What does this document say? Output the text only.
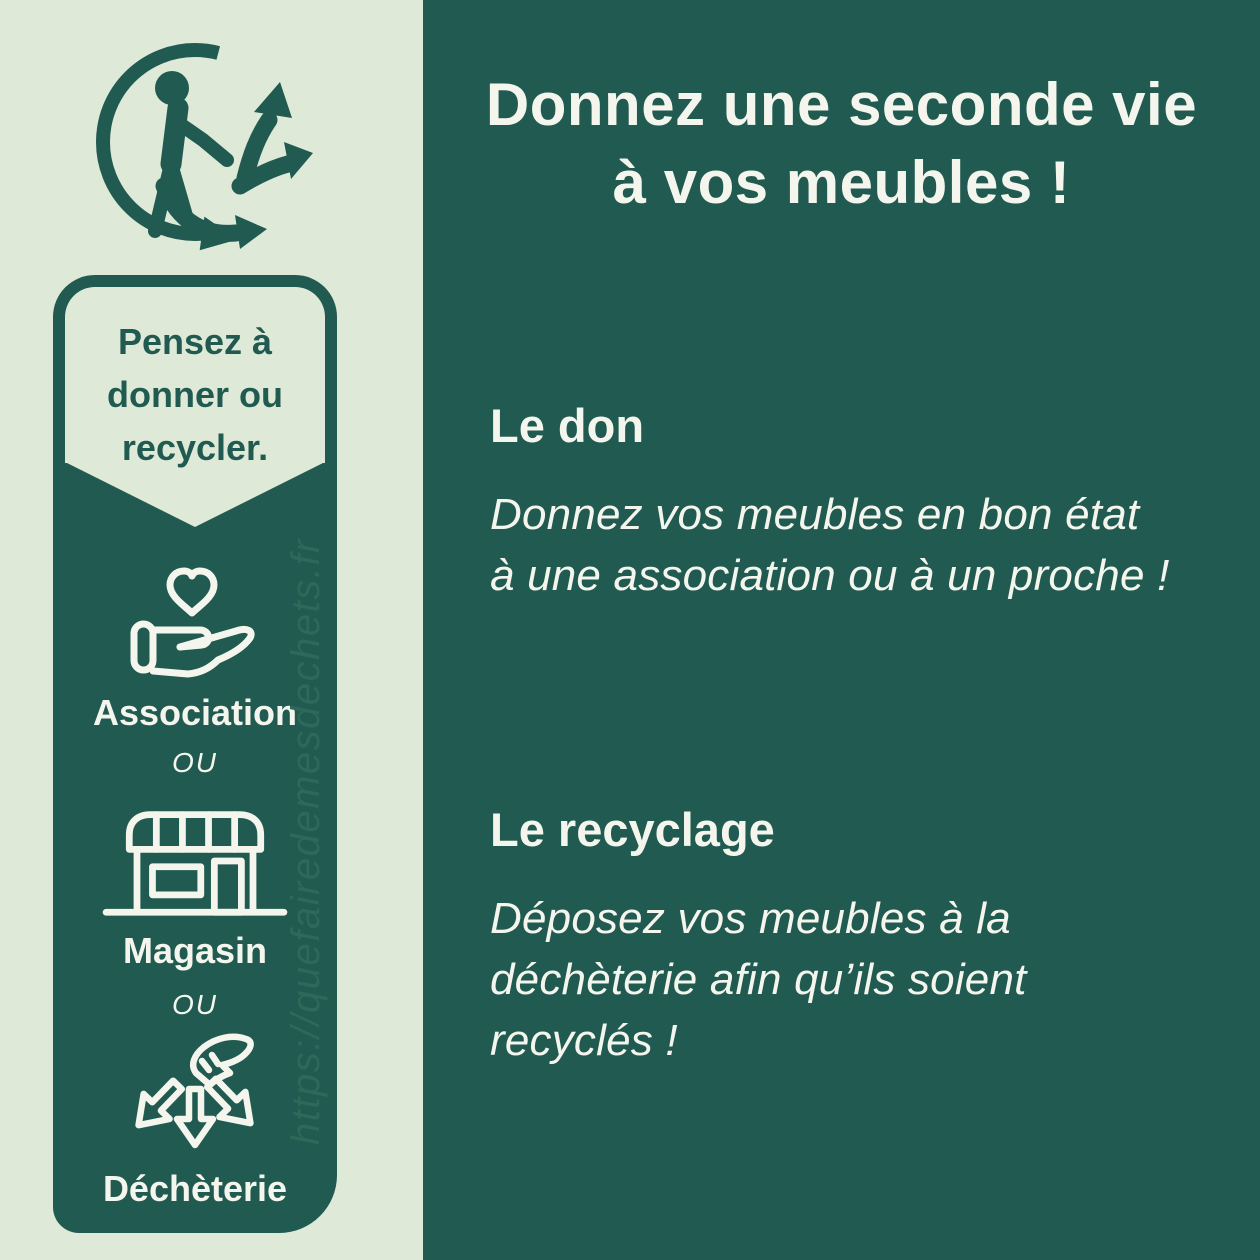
Pensez à
donner ou
recycler.
Association
OU
Magasin
OU
Déchèterie
https://quefairedemesdechets.fr
Donnez une seconde vie
à vos meubles !
Le don
Donnez vos meubles en bon état à une association ou à un proche !
Le recyclage
Déposez vos meubles à la déchèterie afin qu’ils soient recyclés !
